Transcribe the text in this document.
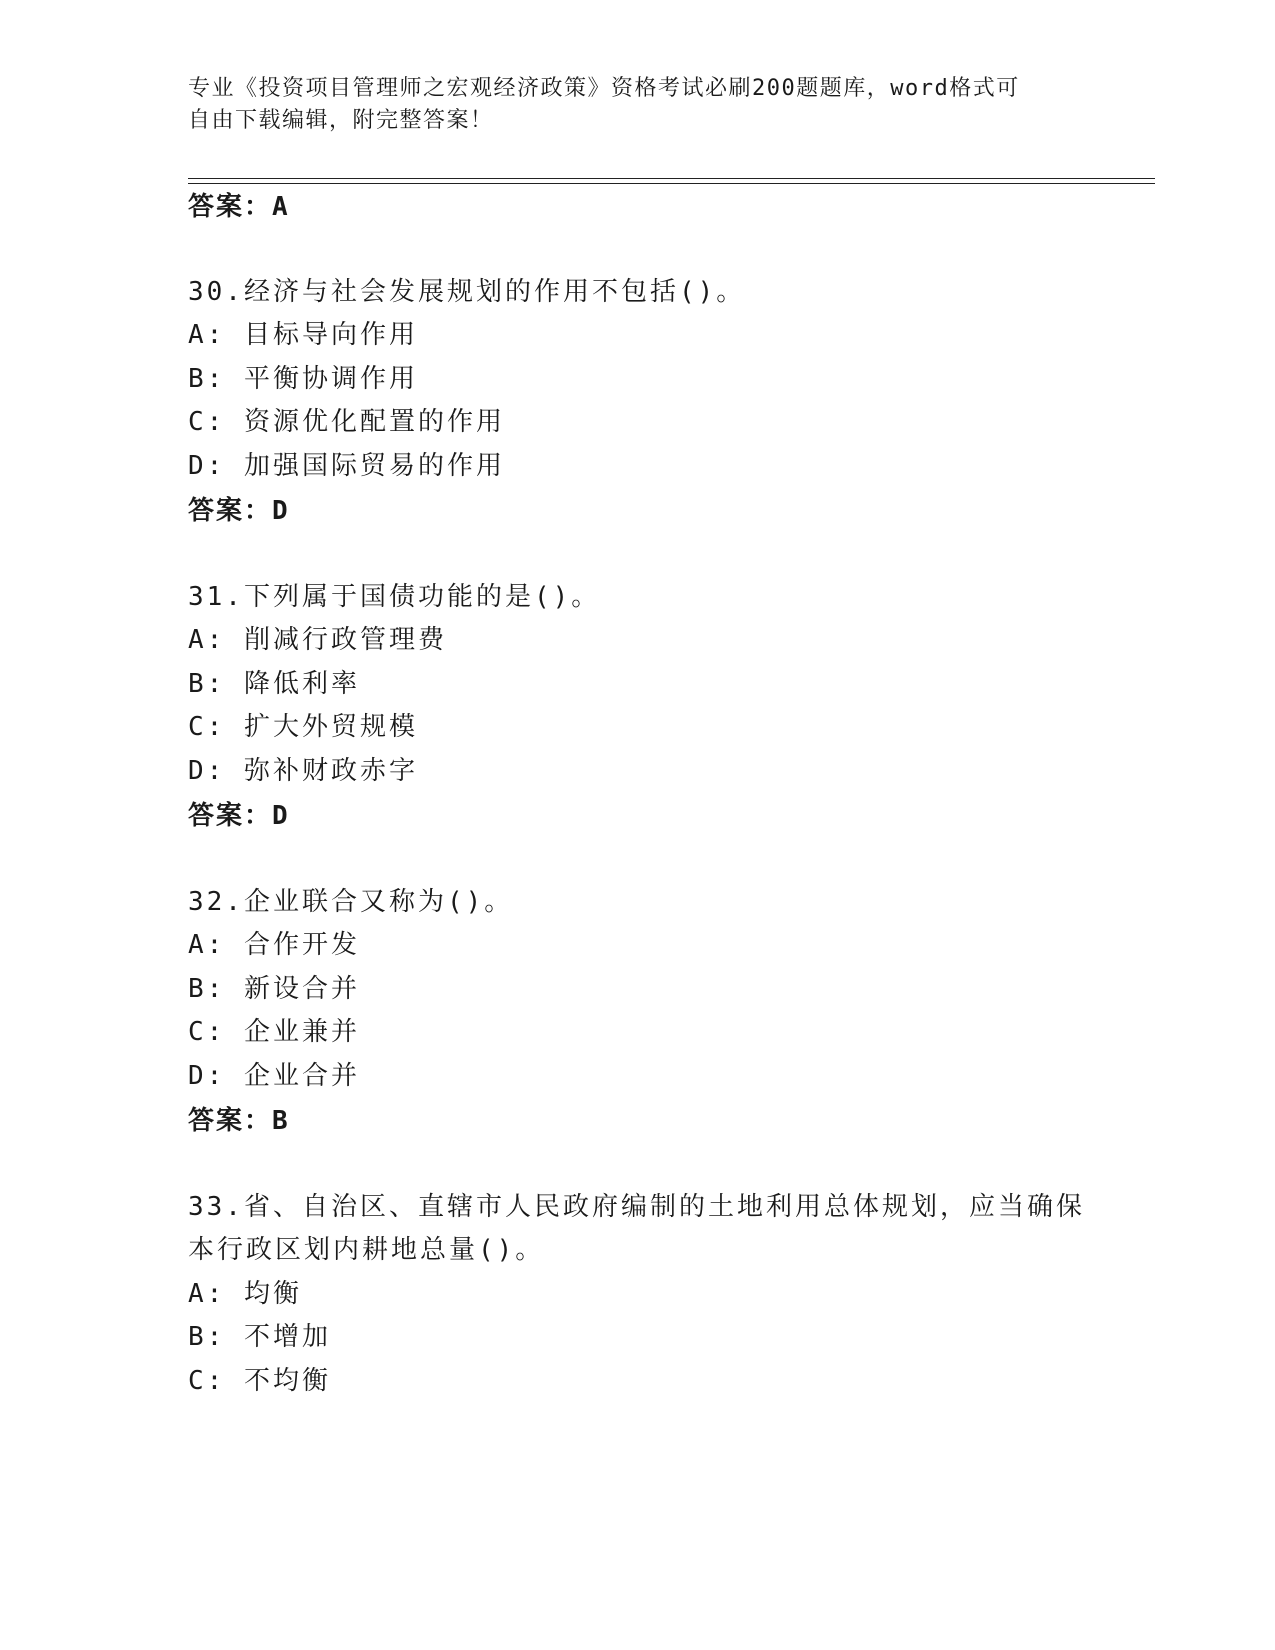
专业《投资项目管理师之宏观经济政策》资格考试必刷200题题库，word格式可
自由下载编辑，附完整答案！
答案：A
30.经济与社会发展规划的作用不包括()。
A: 目标导向作用
B: 平衡协调作用
C: 资源优化配置的作用
D: 加强国际贸易的作用
答案：D
31.下列属于国债功能的是()。
A: 削减行政管理费
B: 降低利率
C: 扩大外贸规模
D: 弥补财政赤字
答案：D
32.企业联合又称为()。
A: 合作开发
B: 新设合并
C: 企业兼并
D: 企业合并
答案：B
33.省、自治区、直辖市人民政府编制的土地利用总体规划，应当确保
本行政区划内耕地总量()。
A: 均衡
B: 不增加
C: 不均衡
